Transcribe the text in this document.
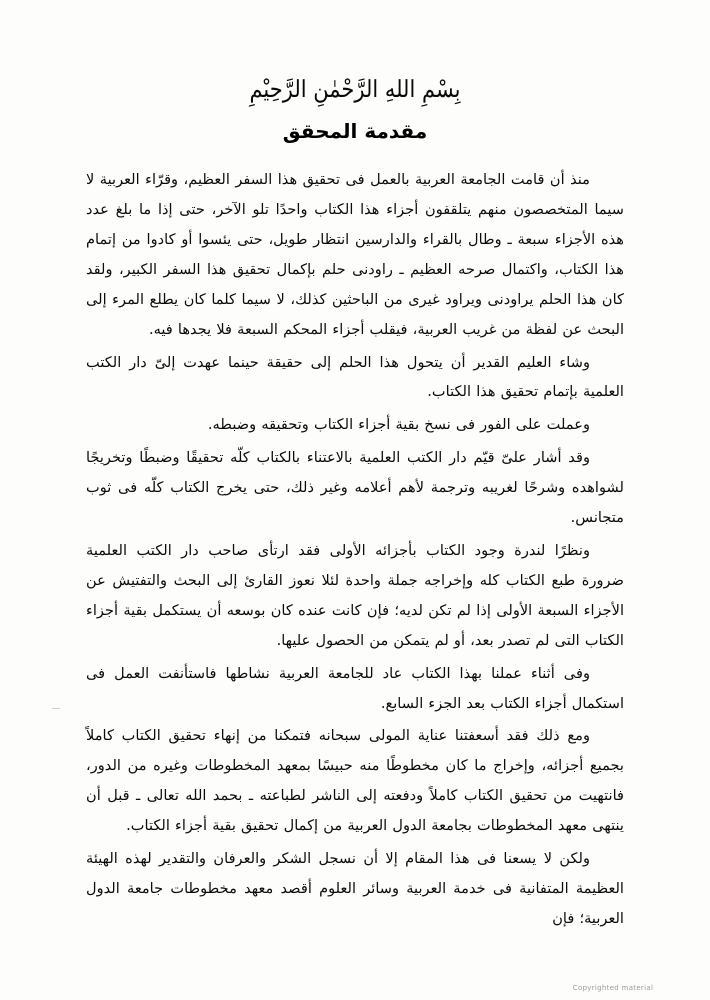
بِسْمِ اللهِ الرَّحْمٰنِ الرَّحِيْمِ
مقدمة المحقق

منذ أن قامت الجامعة العربية بالعمل فى تحقيق هذا السفر العظيم، وقرّاء العربية لا سيما المتخصصون منهم يتلقفون أجزاء هذا الكتاب واحدًا تلو الآخر، حتى إذا ما بلغ عدد هذه الأجزاء سبعة ـ وطال بالقراء والدارسين انتظار طويل، حتى يئسوا أو كادوا من إتمام هذا الكتاب، واكتمال صرحه العظيم ـ راودنى حلم بإكمال تحقيق هذا السفر الكبير، ولقد كان هذا الحلم يراودنى ويراود غيرى من الباحثين كذلك، لا سيما كلما كان يطلع المرء إلى البحث عن لفظة من غريب العربية، فيقلب أجزاء المحكم السبعة فلا يجدها فيه.

وشاء العليم القدير أن يتحول هذا الحلم إلى حقيقة حينما عهدت إلىّ دار الكتب العلمية بإتمام تحقيق هذا الكتاب.

وعملت على الفور فى نسخ بقية أجزاء الكتاب وتحقيقه وضبطه.

وقد أشار علىّ قيّم دار الكتب العلمية بالاعتناء بالكتاب كلّه تحقيقًا وضبطًا وتخريجًا لشواهده وشرحًا لغريبه وترجمة لأهم أعلامه وغير ذلك، حتى يخرج الكتاب كلّه فى ثوب متجانس.

ونظرًا لندرة وجود الكتاب بأجزائه الأولى فقد ارتأى صاحب دار الكتب العلمية ضرورة طبع الكتاب كله وإخراجه جملة واحدة لئلا نعوز القارئ إلى البحث والتفتيش عن الأجزاء السبعة الأولى إذا لم تكن لديه؛ فإن كانت عنده كان بوسعه أن يستكمل بقية أجزاء الكتاب التى لم تصدر بعد، أو لم يتمكن من الحصول عليها.

وفى أثناء عملنا بهذا الكتاب عاد للجامعة العربية نشاطها فاستأنفت العمل فى استكمال أجزاء الكتاب بعد الجزء السابع.

ومع ذلك فقد أسعفتنا عناية المولى سبحانه فتمكنا من إنهاء تحقيق الكتاب كاملاً بجميع أجزائه، وإخراج ما كان مخطوطًا منه حبيسًا بمعهد المخطوطات وغيره من الدور، فانتهيت من تحقيق الكتاب كاملاً ودفعته إلى الناشر لطباعته ـ بحمد الله تعالى ـ قبل أن ينتهى معهد المخطوطات بجامعة الدول العربية من إكمال تحقيق بقية أجزاء الكتاب.

ولكن لا يسعنا فى هذا المقام إلا أن نسجل الشكر والعرفان والتقدير لهذه الهيئة العظيمة المتفانية فى خدمة العربية وسائر العلوم أقصد معهد مخطوطات جامعة الدول العربية؛ فإن

Copyrighted material
